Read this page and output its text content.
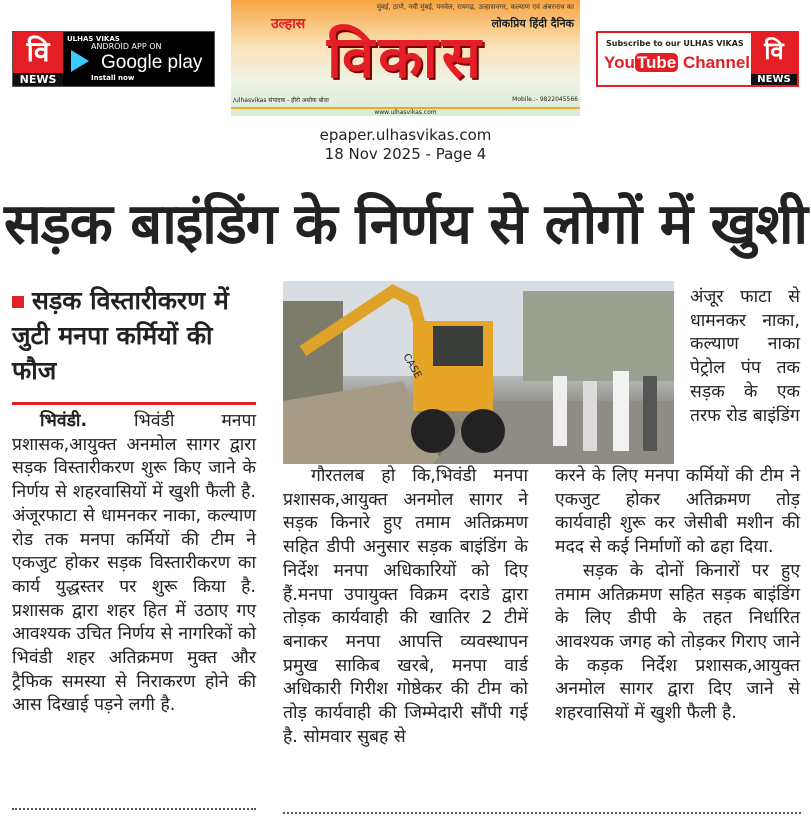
वि
NEWS
ULHAS VIKAS
ANDROID APP ON
Google play
Install now
मुंबई, ठाणे, नवी मुंबई, पनवेल, रायगढ़, उल्हासनगर, कल्याण एवं अंबरनाथ का
लोकप्रिय हिंदी दैनिक
उल्हास विकास
/ulhasvikas संपादक - हीरो अशोक बोधा	Mobile.:- 9822045566
www.ulhasvikas.com
Subscribe to our ULHAS VIKAS
You Tube Channel वि
NEWS
epaper.ulhasvikas.com
18 Nov 2025 - Page 4
सड़क बाइंडिंग के निर्णय से लोगों में खुशी
सड़क विस्तारीकरण में जुटी मनपा कर्मियों की फौज
भिवंडी. भिवंडी मनपा प्रशासक,आयुक्त अनमोल सागर द्वारा सड़क विस्तारीकरण शुरू किए जाने के निर्णय से शहरवासियों में खुशी फैली है. अंजूरफाटा से धामनकर नाका, कल्याण रोड तक मनपा कर्मियों की टीम ने एकजुट होकर सड़क विस्तारीकरण का कार्य युद्धस्तर पर शुरू किया है. प्रशासक द्वारा शहर हित में उठाए गए आवश्यक उचित निर्णय से नागरिकों को भिवंडी शहर अतिक्रमण मुक्त और ट्रैफिक समस्या से निराकरण होने की आस दिखाई पड़ने लगी है.
CASE
अंजूर फाटा से धामनकर नाका, कल्याण नाका पेट्रोल पंप तक सड़क के एक तरफ रोड बाइंडिंग
गौरतलब हो कि,भिवंडी मनपा प्रशासक,आयुक्त अनमोल सागर ने सड़क किनारे हुए तमाम अतिक्रमण सहित डीपी अनुसार सड़क बाइंडिंग के निर्देश मनपा अधिकारियों को दिए हैं.मनपा उपायुक्त विक्रम दराडे द्वारा तोड़क कार्यवाही की खातिर 2 टीमें बनाकर मनपा आपत्ति व्यवस्थापन प्रमुख साकिब खरबे, मनपा वार्ड अधिकारी गिरीश गोष्ठेकर की टीम को तोड़ कार्यवाही की जिम्मेदारी सौंपी गई है. सोमवार सुबह से

करने के लिए मनपा कर्मियों की टीम ने एकजुट होकर अतिक्रमण तोड़ कार्यवाही शुरू कर जेसीबी मशीन की मदद से कई निर्माणों को ढहा दिया.

सड़क के दोनों किनारों पर हुए तमाम अतिक्रमण सहित सड़क बाइंडिंग के लिए डीपी के तहत निर्धारित आवश्यक जगह को तोड़कर गिराए जाने के कड़क निर्देश प्रशासक,आयुक्त अनमोल सागर द्वारा दिए जाने से शहरवासियों में खुशी फैली है.
